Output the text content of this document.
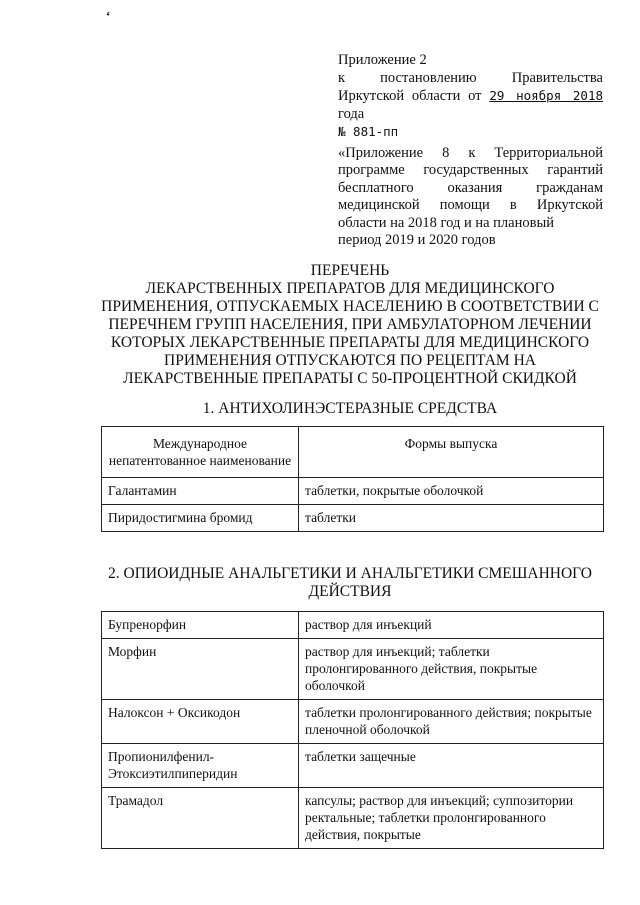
‘
Приложение 2
к постановлению Правительства
Иркутской области от 29 ноября 2018 года
№ 881-пп
«Приложение 8 к Территориальной программе государственных гарантий бесплатного оказания гражданам медицинской помощи в Иркутской области на 2018 год и на плановый
период 2019 и 2020 годов
ПЕРЕЧЕНЬ
ЛЕКАРСТВЕННЫХ ПРЕПАРАТОВ ДЛЯ МЕДИЦИНСКОГО ПРИМЕНЕНИЯ, ОТПУСКАЕМЫХ НАСЕЛЕНИЮ В СООТВЕТСТВИИ С ПЕРЕЧНЕМ ГРУПП НАСЕЛЕНИЯ, ПРИ АМБУЛАТОРНОМ ЛЕЧЕНИИ КОТОРЫХ ЛЕКАРСТВЕННЫЕ ПРЕПАРАТЫ ДЛЯ МЕДИЦИНСКОГО ПРИМЕНЕНИЯ ОТПУСКАЮТСЯ ПО РЕЦЕПТАМ НА ЛЕКАРСТВЕННЫЕ ПРЕПАРАТЫ С 50-ПРОЦЕНТНОЙ СКИДКОЙ
1. АНТИХОЛИНЭСТЕРАЗНЫЕ СРЕДСТВА
Международное непатентованное наименование	Формы выпуска
Галантамин	таблетки, покрытые оболочкой
Пиридостигмина бромид	таблетки
2. ОПИОИДНЫЕ АНАЛЬГЕТИКИ И АНАЛЬГЕТИКИ СМЕШАННОГО ДЕЙСТВИЯ
Бупренорфин	раствор для инъекций
Морфин	раствор для инъекций; таблетки пролонгированного действия, покрытые оболочкой
Налоксон + Оксикодон	таблетки пролонгированного действия; покрытые пленочной оболочкой
Пропионилфенил-Этоксиэтилпиперидин	таблетки защечные
Трамадол	капсулы; раствор для инъекций; суппозитории ректальные; таблетки пролонгированного действия, покрытые
